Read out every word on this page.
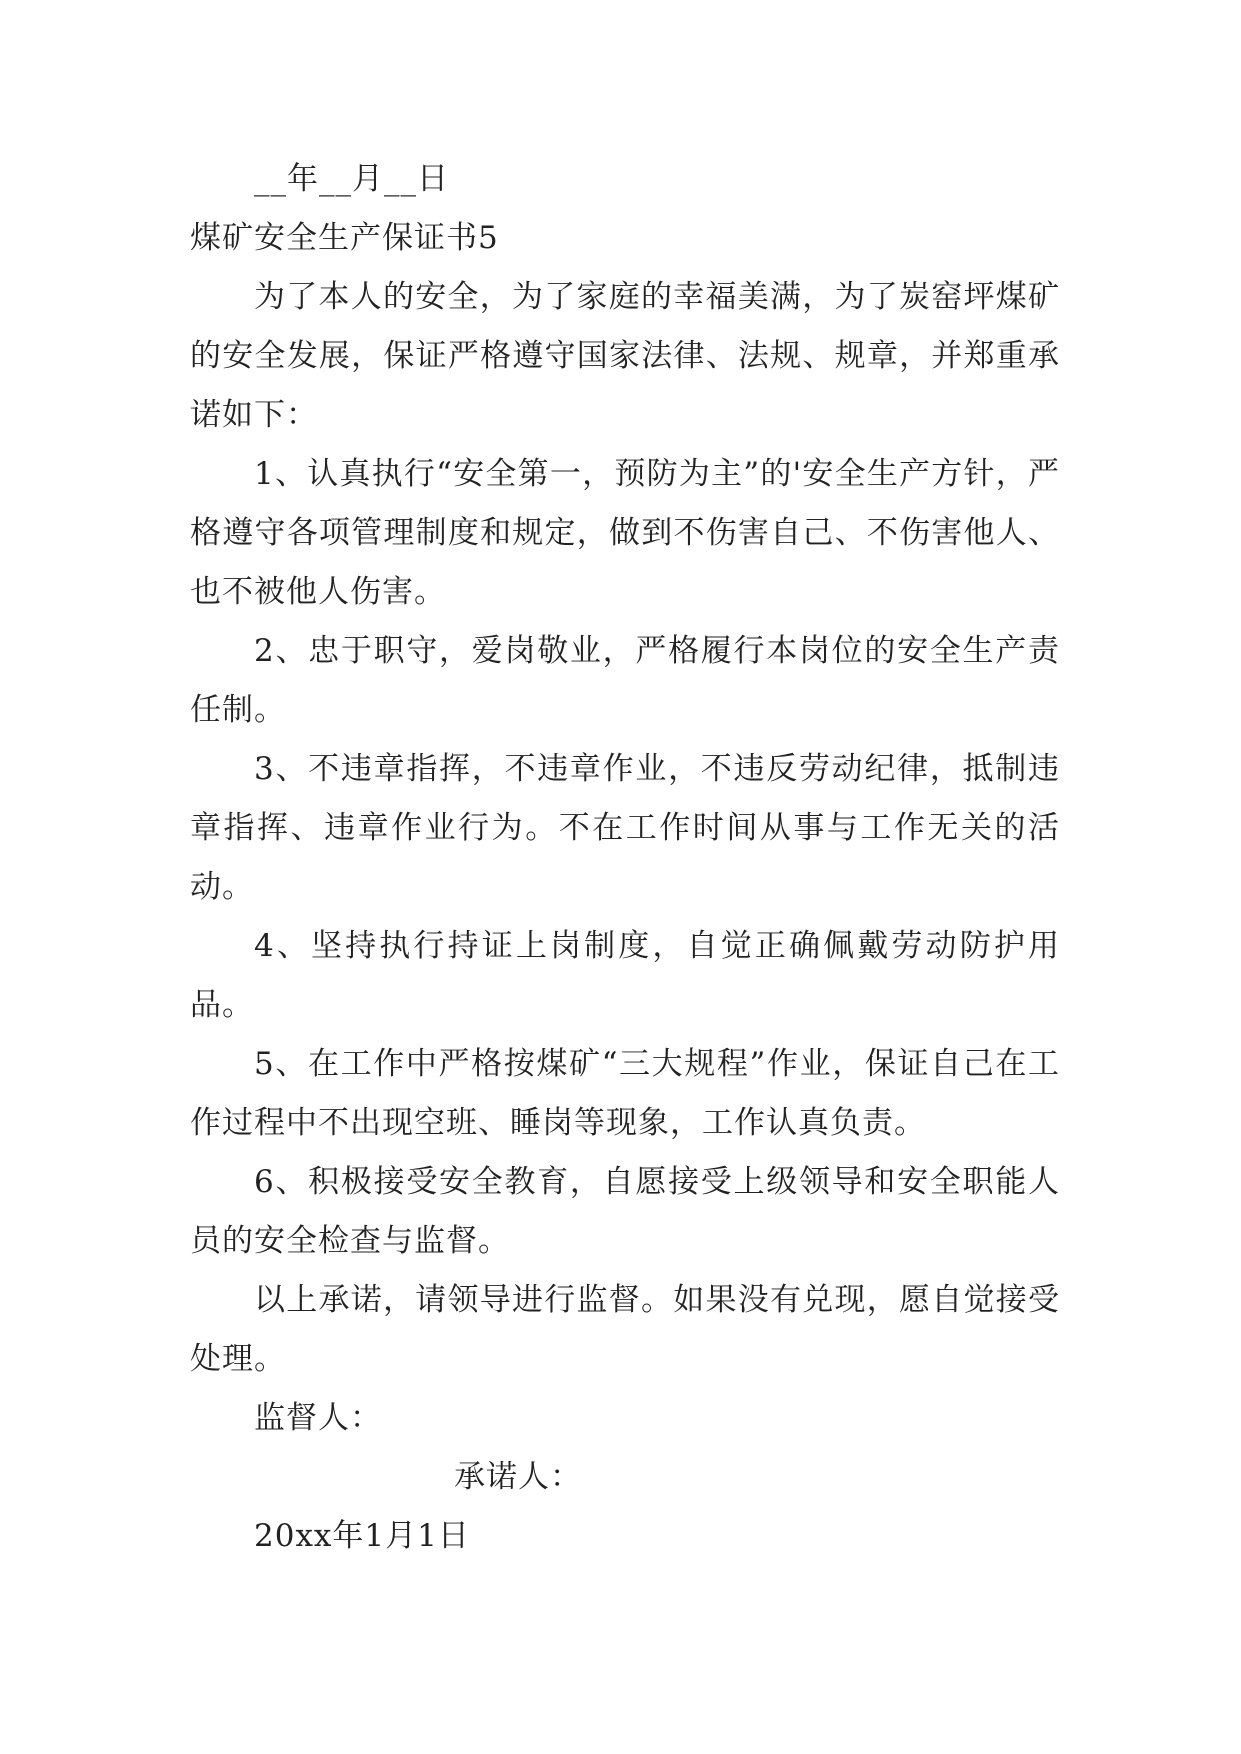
__年__月__日

煤矿安全生产保证书5

为了本人的安全，为了家庭的幸福美满，为了炭窑坪煤矿的安全发展，保证严格遵守国家法律、法规、规章，并郑重承诺如下：

1、认真执行“安全第一，预防为主”的'安全生产方针，严格遵守各项管理制度和规定，做到不伤害自己、不伤害他人、也不被他人伤害。

2、忠于职守，爱岗敬业，严格履行本岗位的安全生产责任制。

3、不违章指挥，不违章作业，不违反劳动纪律，抵制违章指挥、违章作业行为。不在工作时间从事与工作无关的活动。

4、坚持执行持证上岗制度，自觉正确佩戴劳动防护用品。

5、在工作中严格按煤矿“三大规程”作业，保证自己在工作过程中不出现空班、睡岗等现象，工作认真负责。

6、积极接受安全教育，自愿接受上级领导和安全职能人员的安全检查与监督。

以上承诺，请领导进行监督。如果没有兑现，愿自觉接受处理。

监督人：

承诺人：

20xx年1月1日
